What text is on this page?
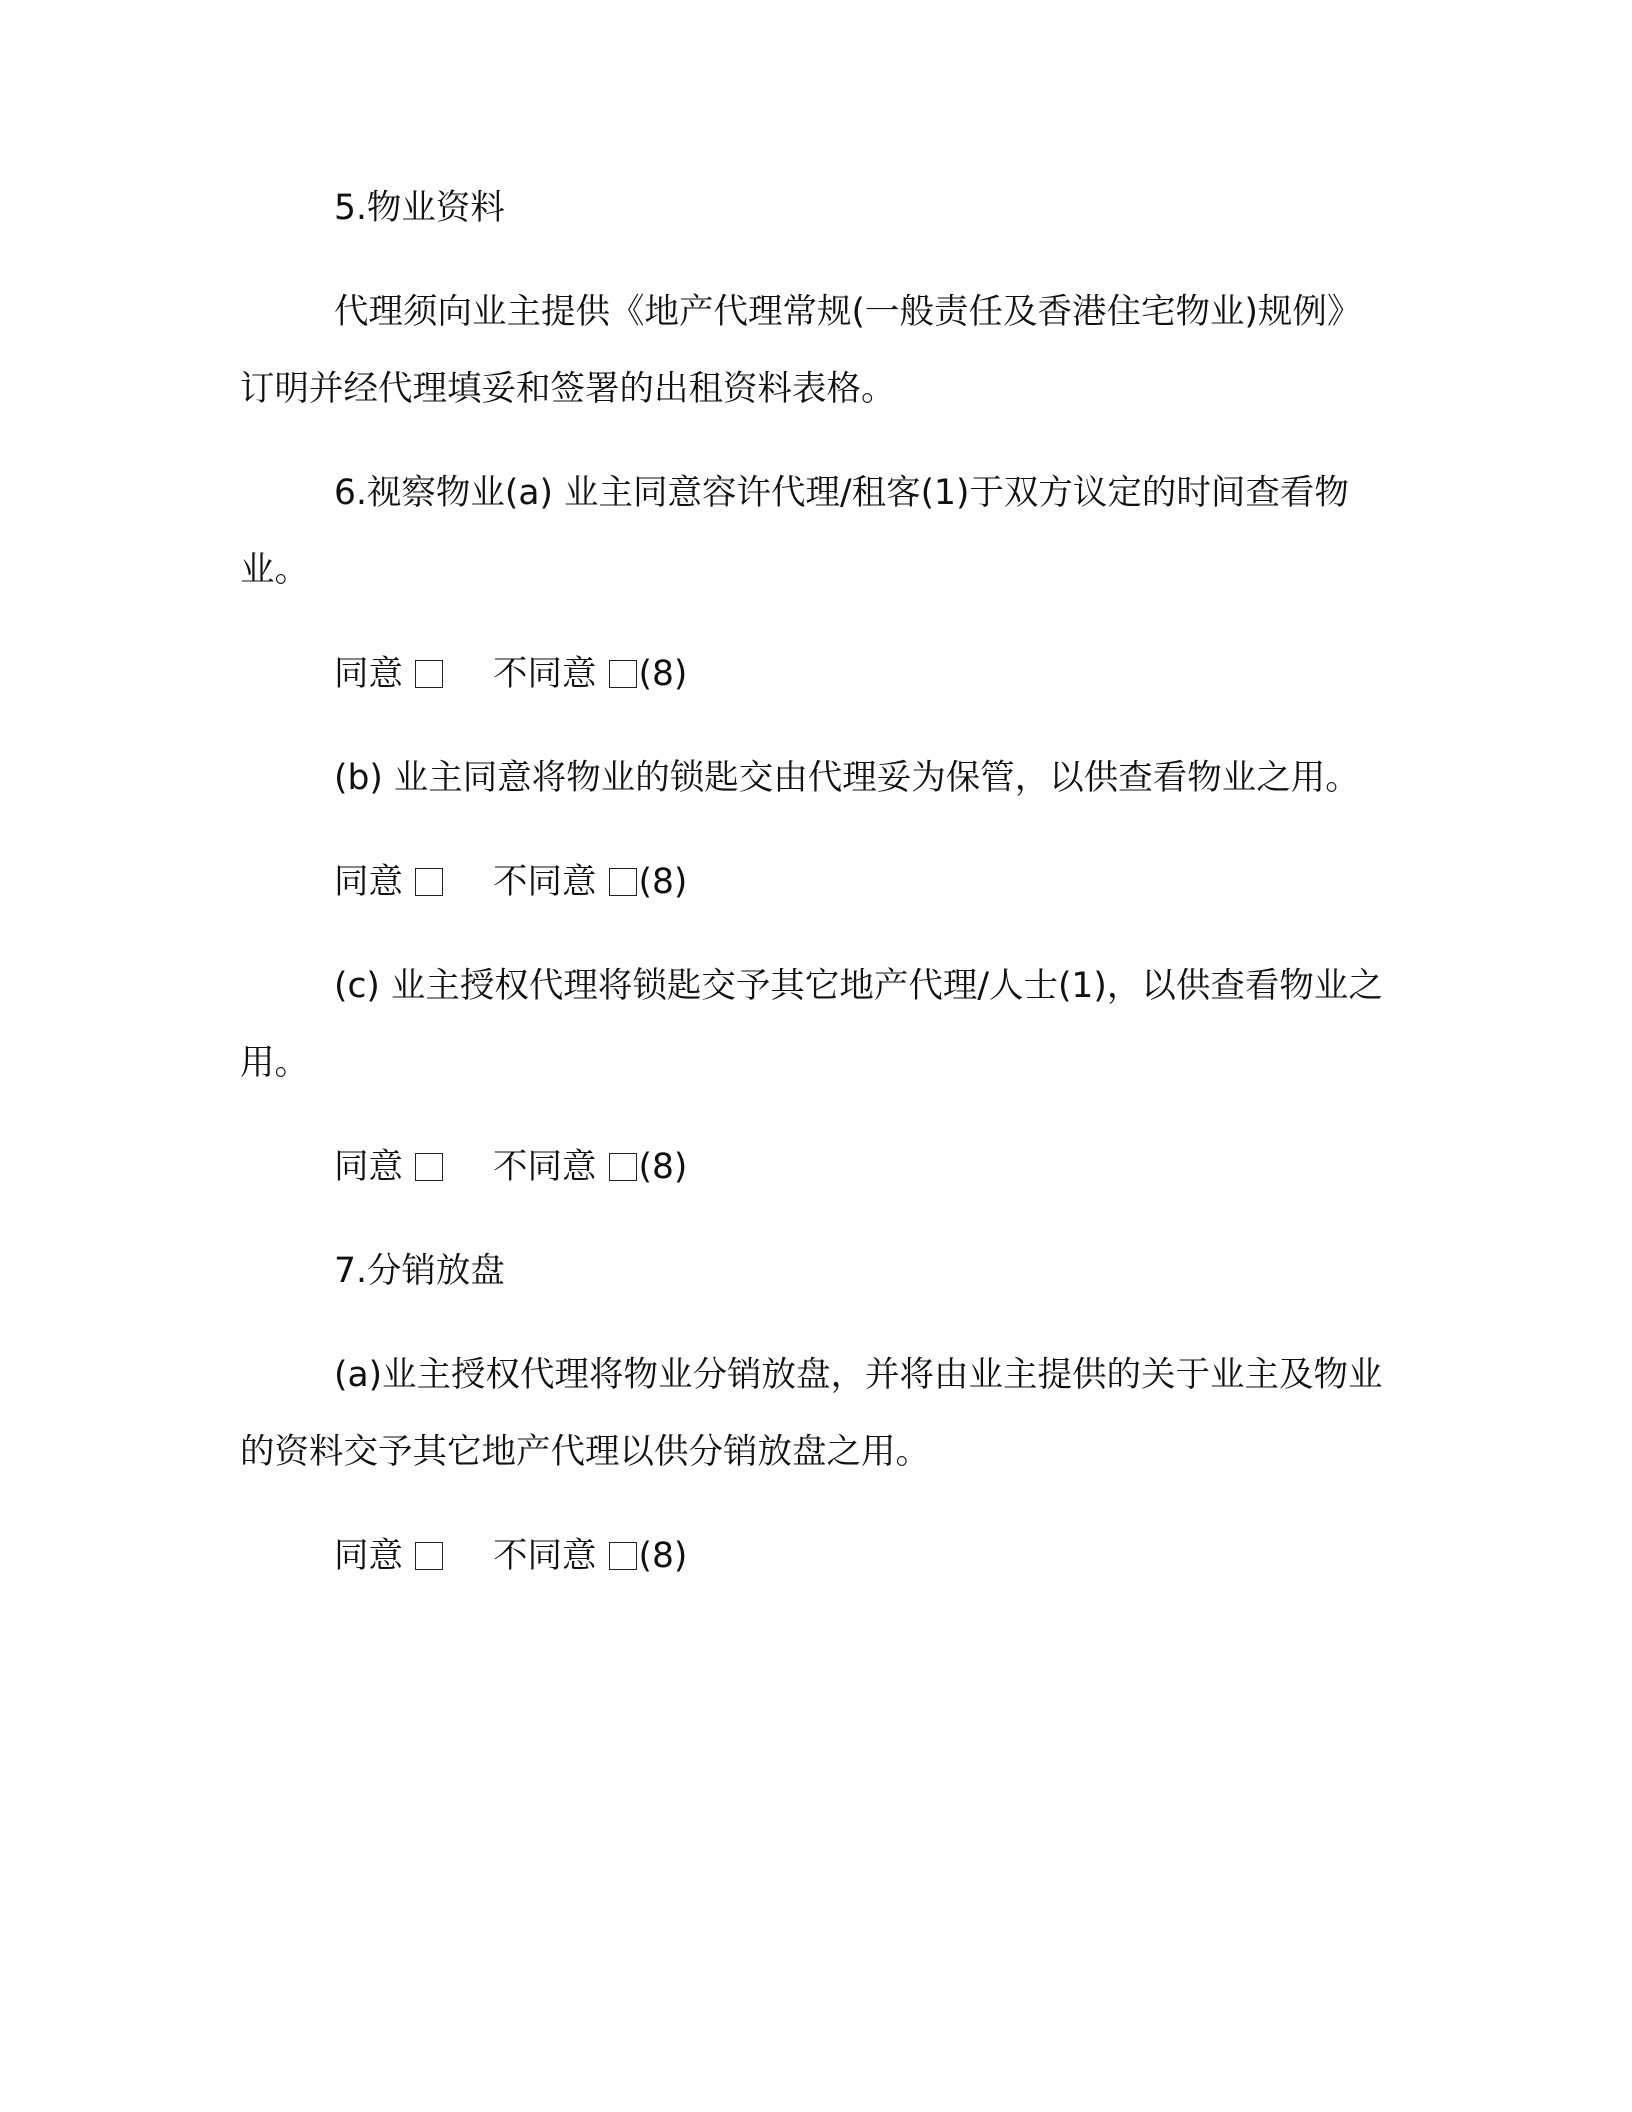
5.物业资料

代理须向业主提供《地产代理常规(一般责任及香港住宅物业)规例》订明并经代理填妥和签署的出租资料表格。

6.视察物业(a) 业主同意容许代理/租客(1)于双方议定的时间查看物业。

同意	不同意 (8)

(b) 业主同意将物业的锁匙交由代理妥为保管，以供查看物业之用。

同意	不同意 (8)

(c) 业主授权代理将锁匙交予其它地产代理/人士(1)，以供查看物业之用。

同意	不同意 (8)

7.分销放盘

(a)业主授权代理将物业分销放盘，并将由业主提供的关于业主及物业的资料交予其它地产代理以供分销放盘之用。

同意	不同意 (8)
